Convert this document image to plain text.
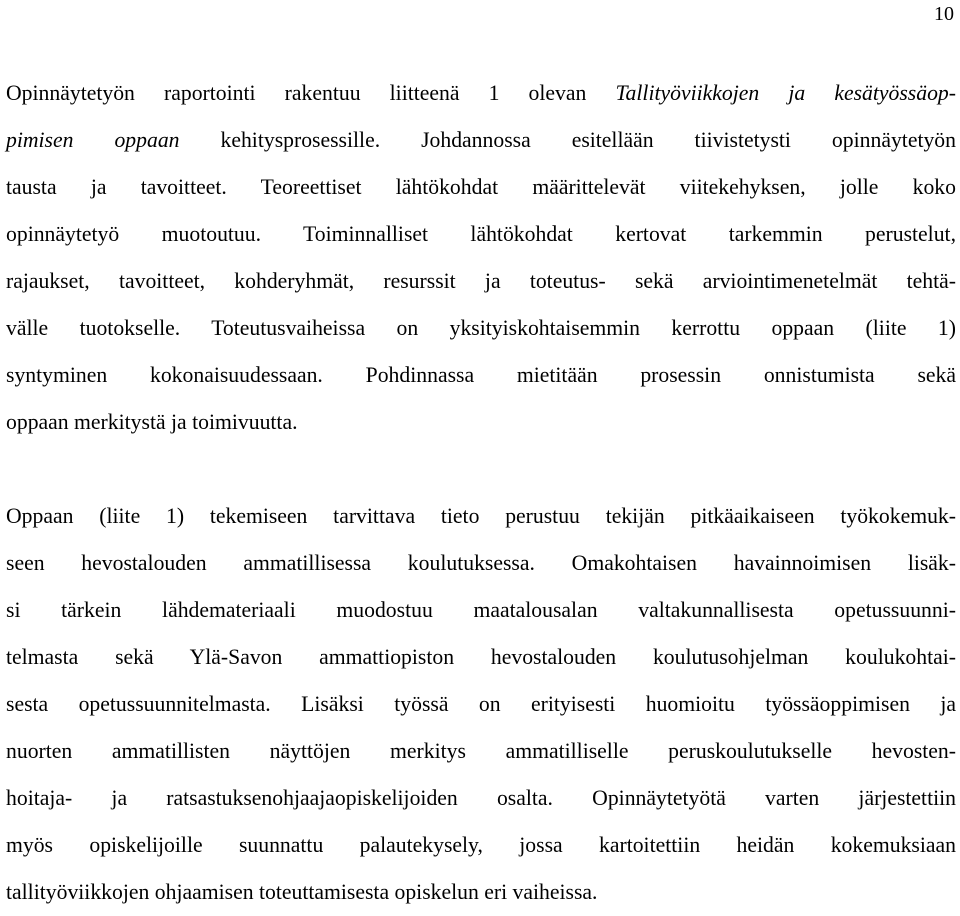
10

Opinnäytetyön raportointi rakentuu liitteenä 1 olevan Tallityöviikkojen ja kesätyössäop-
pimisen oppaan kehitysprosessille. Johdannossa esitellään tiivistetysti opinnäytetyön
tausta ja tavoitteet. Teoreettiset lähtökohdat määrittelevät viitekehyksen, jolle koko
opinnäytetyö muotoutuu. Toiminnalliset lähtökohdat kertovat tarkemmin perustelut,
rajaukset, tavoitteet, kohderyhmät, resurssit ja toteutus- sekä arviointimenetelmät tehtä-
välle tuotokselle. Toteutusvaiheissa on yksityiskohtaisemmin kerrottu oppaan (liite 1)
syntyminen kokonaisuudessaan. Pohdinnassa mietitään prosessin onnistumista sekä
oppaan merkitystä ja toimivuutta.

Oppaan (liite 1) tekemiseen tarvittava tieto perustuu tekijän pitkäaikaiseen työkokemuk-
seen hevostalouden ammatillisessa koulutuksessa. Omakohtaisen havainnoimisen lisäk-
si tärkein lähdemateriaali muodostuu maatalousalan valtakunnallisesta opetussuunni-
telmasta sekä Ylä-Savon ammattiopiston hevostalouden koulutusohjelman koulukohtai-
sesta opetussuunnitelmasta. Lisäksi työssä on erityisesti huomioitu työssäoppimisen ja
nuorten ammatillisten näyttöjen merkitys ammatilliselle peruskoulutukselle hevosten-
hoitaja- ja ratsastuksenohjaajaopiskelijoiden osalta. Opinnäytetyötä varten järjestettiin
myös opiskelijoille suunnattu palautekysely, jossa kartoitettiin heidän kokemuksiaan
tallityöviikkojen ohjaamisen toteuttamisesta opiskelun eri vaiheissa.
